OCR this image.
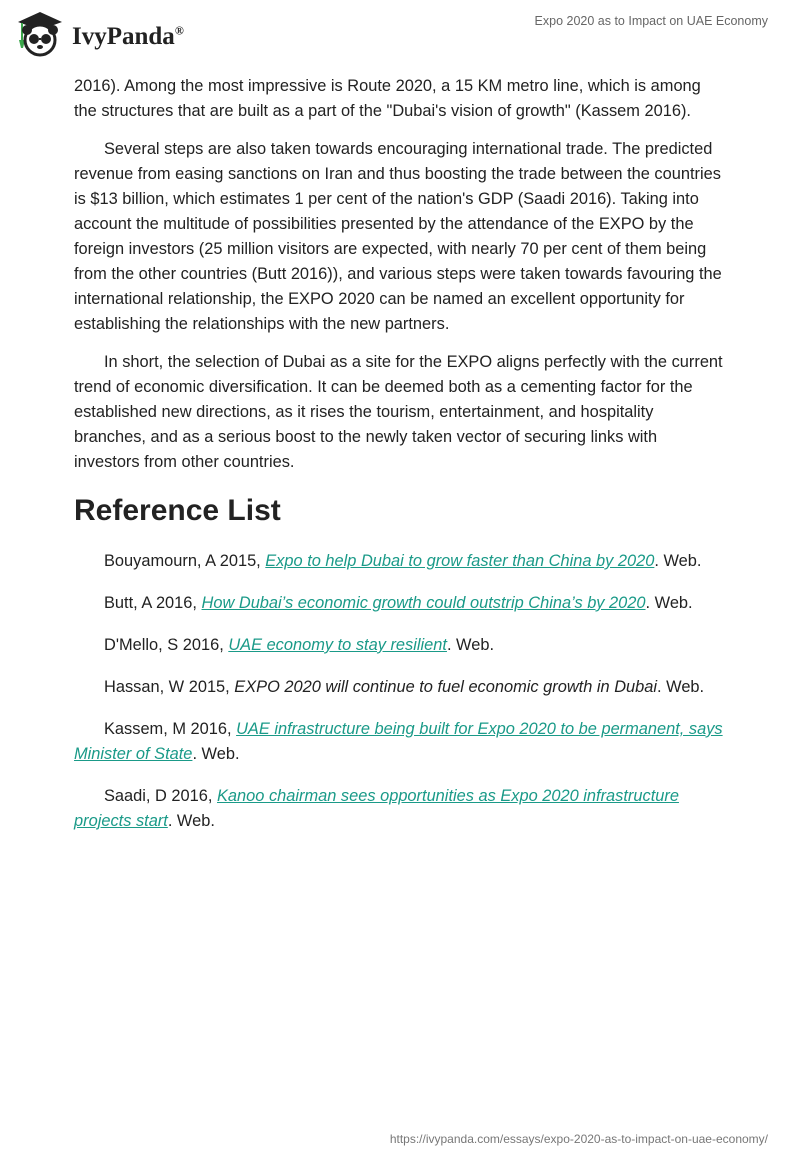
IvyPanda®
Expo 2020 as to Impact on UAE Economy

2016). Among the most impressive is Route 2020, a 15 KM metro line, which is among the structures that are built as a part of the "Dubai's vision of growth" (Kassem 2016).

Several steps are also taken towards encouraging international trade. The predicted revenue from easing sanctions on Iran and thus boosting the trade between the countries is $13 billion, which estimates 1 per cent of the nation's GDP (Saadi 2016). Taking into account the multitude of possibilities presented by the attendance of the EXPO by the foreign investors (25 million visitors are expected, with nearly 70 per cent of them being from the other countries (Butt 2016)), and various steps were taken towards favouring the international relationship, the EXPO 2020 can be named an excellent opportunity for establishing the relationships with the new partners.

In short, the selection of Dubai as a site for the EXPO aligns perfectly with the current trend of economic diversification. It can be deemed both as a cementing factor for the established new directions, as it rises the tourism, entertainment, and hospitality branches, and as a serious boost to the newly taken vector of securing links with investors from other countries.

Reference List
Bouyamourn, A 2015, Expo to help Dubai to grow faster than China by 2020. Web.
Butt, A 2016, How Dubai’s economic growth could outstrip China’s by 2020. Web.
D'Mello, S 2016, UAE economy to stay resilient. Web.
Hassan, W 2015, EXPO 2020 will continue to fuel economic growth in Dubai. Web.
Kassem, M 2016, UAE infrastructure being built for Expo 2020 to be permanent, says Minister of State. Web.
Saadi, D 2016, Kanoo chairman sees opportunities as Expo 2020 infrastructure projects start. Web.
https://ivypanda.com/essays/expo-2020-as-to-impact-on-uae-economy/
